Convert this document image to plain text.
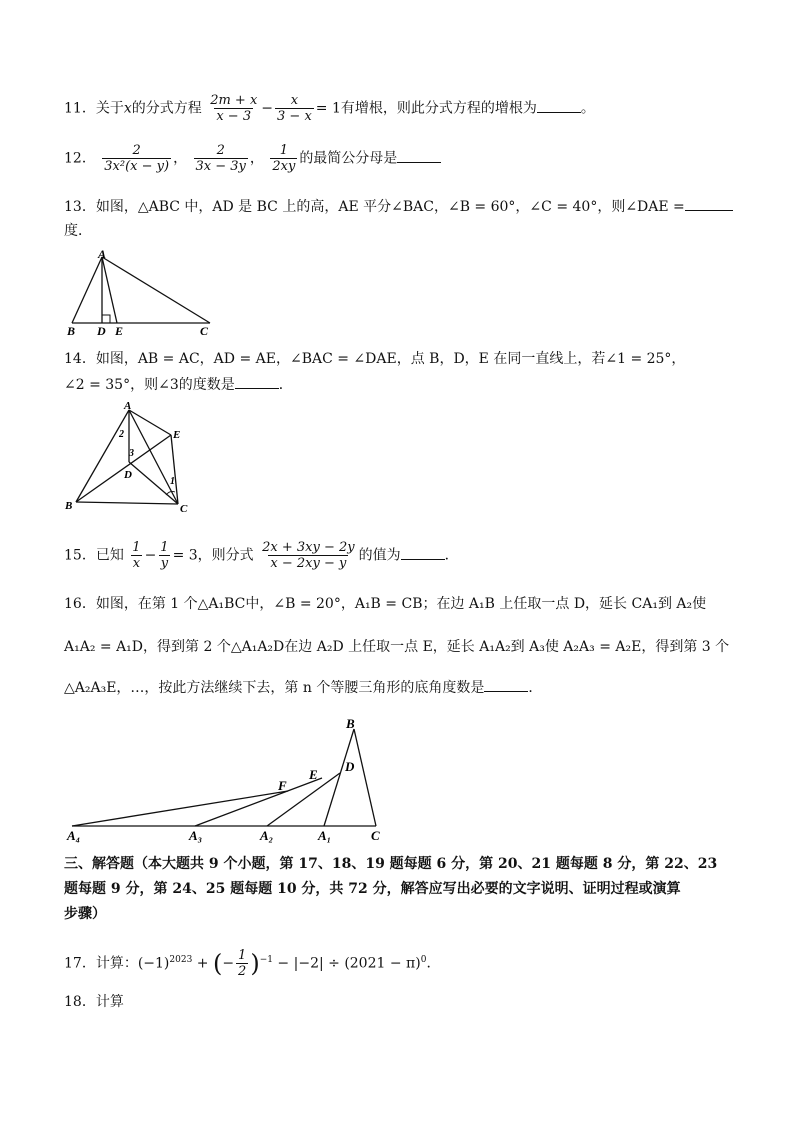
11．关于x的分式方程 $\frac{2m + x}{x - 3} - \frac{x}{3 - x} = 1$有增根，则此分式方程的增根为	。
12． $\frac{2}{\text{3x²(x − y)}}$ ， $\frac{2}{3x - 3y}$ ， $\frac{1}{2xy}$ 的最简公分母是
13．如图，△ABC 中，AD 是 BC 上的高，AE 平分∠BAC，∠B = 60°，∠C = 40°，则∠DAE =
度．
A
B D E	C
14．如图，AB = AC，AD = AE，∠BAC = ∠DAE，点 B，D，E 在同一直线上，若∠1 = 25°，
∠2 = 35°，则∠3的度数是	．
A
E
D
B	C
1
2
3
15．已知 $\frac{1}{x} - \frac{1}{y} = 3$，则分式 $\frac{2x + 3xy - 2y}{x - 2xy - y}$ 的值为	．
16．如图，在第 1 个△A₁BC中，∠B = 20°，A₁B = CB；在边 A₁B 上任取一点 D，延长 CA₁到 A₂使
A₁A₂ = A₁D，得到第 2 个△A₁A₂D在边 A₂D 上任取一点 E，延长 A₁A₂到 A₃使 A₂A₃ = A₂E，得到第 3 个
△A₂A₃E，…，按此方法继续下去，第 n 个等腰三角形的底角度数是	．
B
D
E
F
A₄	A₃	A₂	A₁	C
三、解答题（本大题共 9 个小题，第 17、18、19 题每题 6 分，第 20、21 题每题 8 分，第 22、23
题每题 9 分，第 24、25 题每题 10 分，共 72 分，解答应写出必要的文字说明、证明过程或演算
步骤）
17．计算：$(-1)^{2023}$ + (− $\frac{1}{2} )^{-1} - |-2| \div (2021 - \pi)^0$．
18．计算
